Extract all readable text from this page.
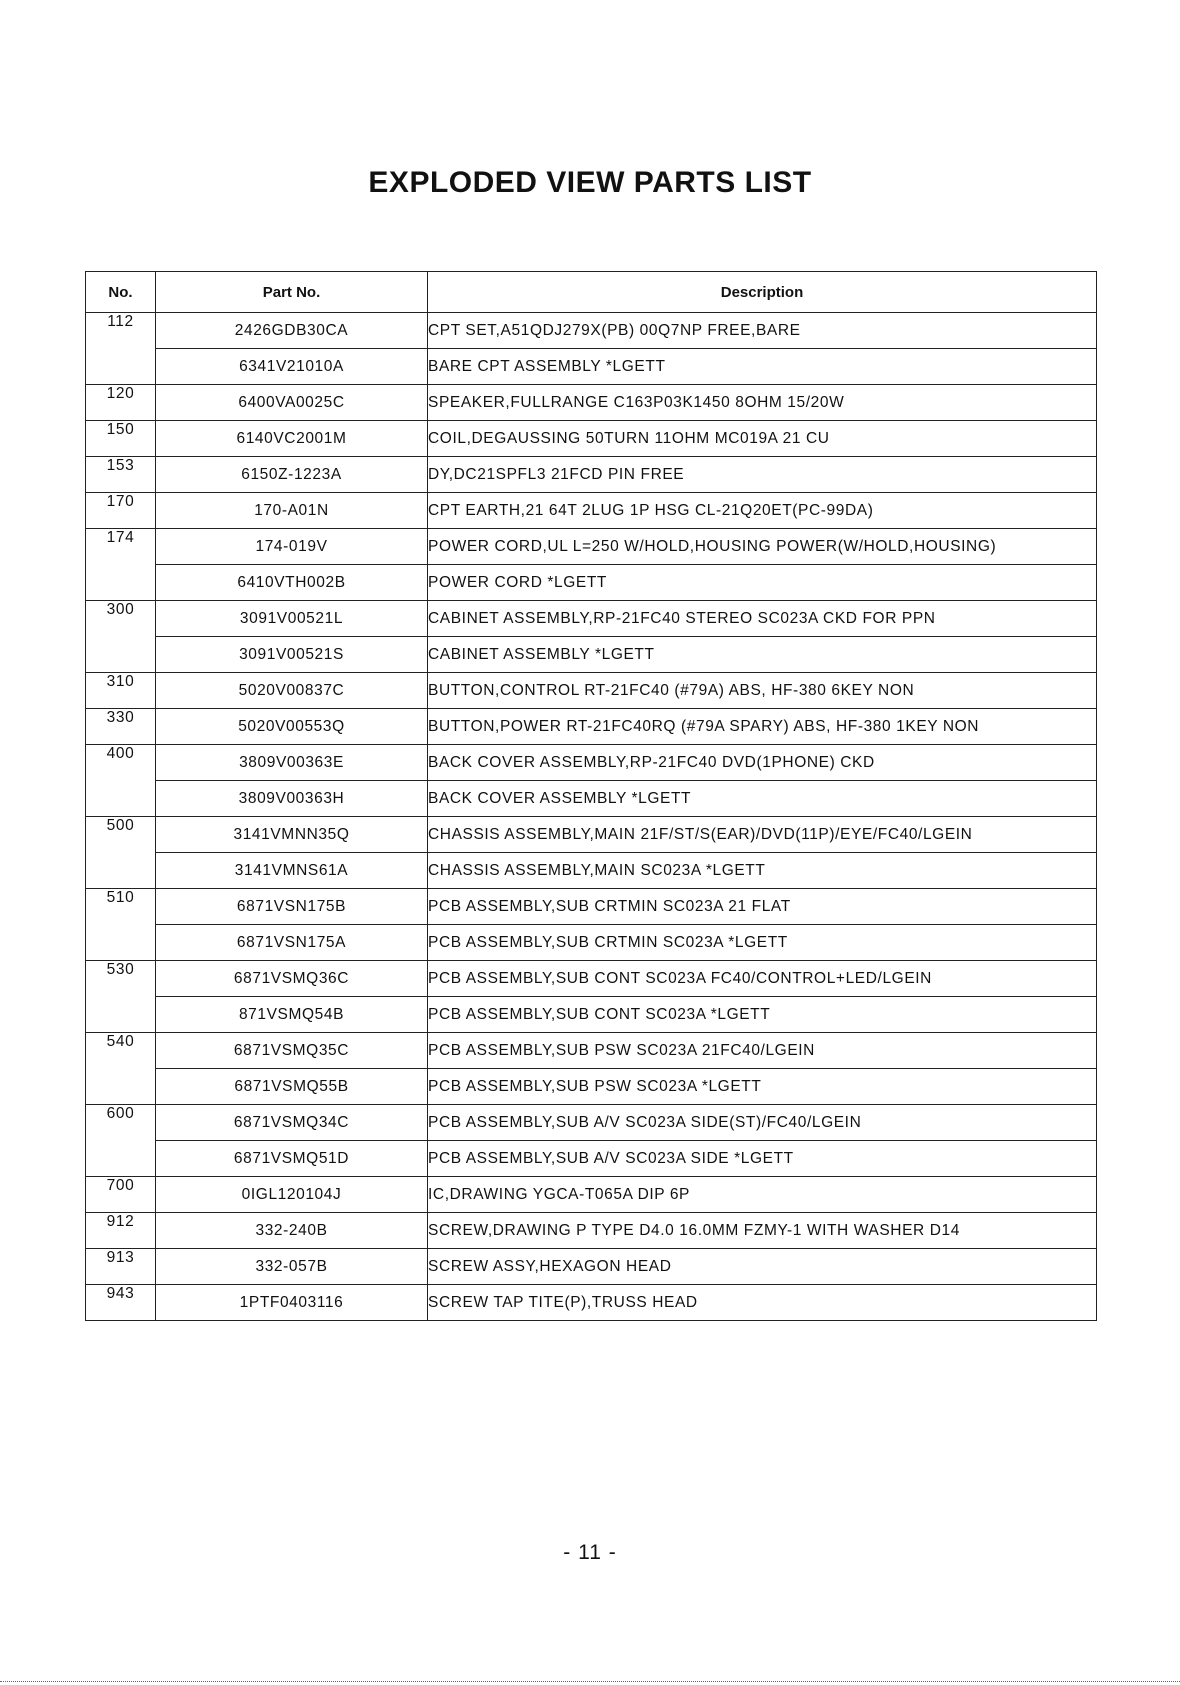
EXPLODED VIEW PARTS LIST
No.	Part No.	Description
112	2426GDB30CA	CPT SET,A51QDJ279X(PB) 00Q7NP FREE,BARE
	6341V21010A	BARE CPT ASSEMBLY *LGETT
120	6400VA0025C	SPEAKER,FULLRANGE C163P03K1450 8OHM 15/20W
150	6140VC2001M	COIL,DEGAUSSING 50TURN 11OHM MC019A 21 CU
153	6150Z-1223A	DY,DC21SPFL3 21FCD PIN FREE
170	170-A01N	CPT EARTH,21 64T 2LUG 1P HSG CL-21Q20ET(PC-99DA)
174	174-019V	POWER CORD,UL L=250 W/HOLD,HOUSING POWER(W/HOLD,HOUSING)
	6410VTH002B	POWER CORD *LGETT
300	3091V00521L	CABINET ASSEMBLY,RP-21FC40 STEREO SC023A CKD FOR PPN
	3091V00521S	CABINET ASSEMBLY *LGETT
310	5020V00837C	BUTTON,CONTROL RT-21FC40 (#79A) ABS, HF-380 6KEY NON
330	5020V00553Q	BUTTON,POWER RT-21FC40RQ (#79A SPARY) ABS, HF-380 1KEY NON
400	3809V00363E	BACK COVER ASSEMBLY,RP-21FC40 DVD(1PHONE) CKD
	3809V00363H	BACK COVER ASSEMBLY *LGETT
500	3141VMNN35Q	CHASSIS ASSEMBLY,MAIN 21F/ST/S(EAR)/DVD(11P)/EYE/FC40/LGEIN
	3141VMNS61A	CHASSIS ASSEMBLY,MAIN SC023A *LGETT
510	6871VSN175B	PCB ASSEMBLY,SUB CRTMIN SC023A 21 FLAT
	6871VSN175A	PCB ASSEMBLY,SUB CRTMIN SC023A *LGETT
530	6871VSMQ36C	PCB ASSEMBLY,SUB CONT SC023A FC40/CONTROL+LED/LGEIN
	871VSMQ54B	PCB ASSEMBLY,SUB CONT SC023A *LGETT
540	6871VSMQ35C	PCB ASSEMBLY,SUB PSW SC023A 21FC40/LGEIN
	6871VSMQ55B	PCB ASSEMBLY,SUB PSW SC023A *LGETT
600	6871VSMQ34C	PCB ASSEMBLY,SUB A/V SC023A SIDE(ST)/FC40/LGEIN
	6871VSMQ51D	PCB ASSEMBLY,SUB A/V SC023A SIDE *LGETT
700	0IGL120104J	IC,DRAWING YGCA-T065A DIP 6P
912	332-240B	SCREW,DRAWING P TYPE D4.0 16.0MM FZMY-1 WITH WASHER D14
913	332-057B	SCREW ASSY,HEXAGON HEAD
943	1PTF0403116	SCREW TAP TITE(P),TRUSS HEAD
- 11 -
